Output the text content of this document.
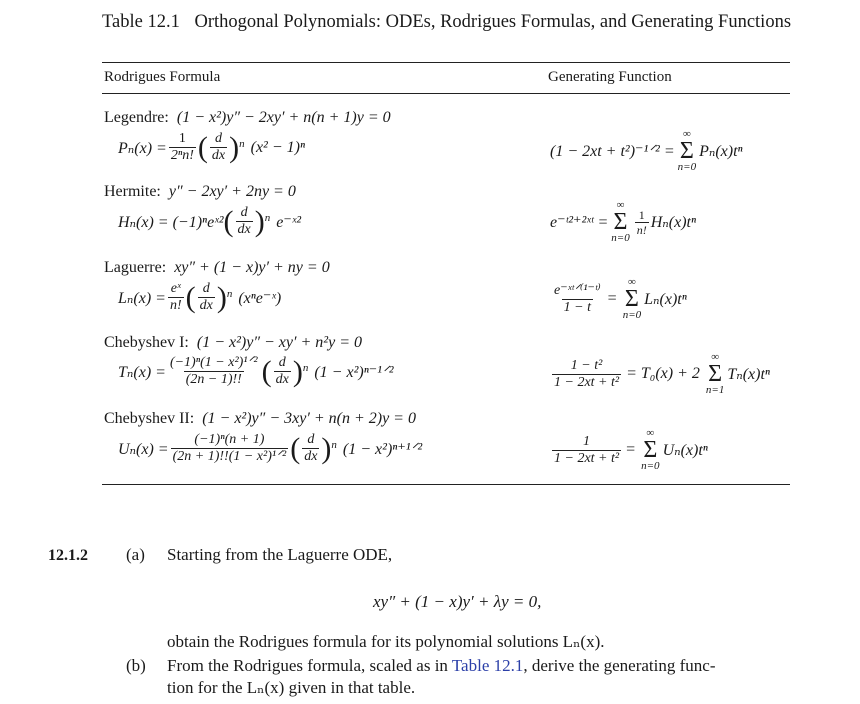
Table 12.1 Orthogonal Polynomials: ODEs, Rodrigues Formulas, and Generating Functions
Rodrigues Formula	Generating Function
Legendre: (1 − x²)y″ − 2xy′ + n(n + 1)y = 0
$P_n(x) = \frac{1}{\text{2ⁿn!}}$ ( $\frac{d}{dx}$ ) n (x² − 1)ⁿ	(1 − 2xt + t²)⁻¹ᐟ² =
∞
Σ
n=0
Pₙ(x)tⁿ
Hermite: y″ − 2xy′ + 2ny = 0
Hₙ(x) = (−1)ⁿeˣ² ( $\frac{d}{dx}$ ) n e⁻ˣ²	e⁻ᵗ²⁺²ˣᵗ =
∞
Σ
n=0
$\frac{1}{n!} H_n(x)t^n$
Laguerre: xy″ + (1 − x)y′ + ny = 0
$L_n(x) = \frac{\text{eˣ}}{n!}$ ( $\frac{d}{dx}$ ) n (xⁿe⁻ˣ)	$\frac{\text{e⁻ˣᵗᐟ⁽¹⁻ᵗ⁾}}{1 - t}$ =
∞
Σ
n=0
Lₙ(x)tⁿ
Chebyshev I: (1 − x²)y″ − xy′ + n²y = 0
$T_n(x) = \frac{\text{(−1)ⁿ(1 − x²)¹ᐟ²}}{(2n - 1)!!}$ ( $\frac{d}{dx}$ ) n (1 − x²)ⁿ⁻¹ᐟ²	$\frac{\text{1 − t²}}{\text{1 − 2xt + t²}} = T_0(x) + 2$
∞
Σ
n=1
Tₙ(x)tⁿ
Chebyshev II: (1 − x²)y″ − 3xy′ + n(n + 2)y = 0
$U_n(x) = \frac{\text{(−1)ⁿ(n + 1)}}{\text{(2n + 1)!!(1 − x²)¹ᐟ²}}$ ( $\frac{d}{dx}$ ) n (1 − x²)ⁿ⁺¹ᐟ²	$\frac{1}{\text{1 − 2xt + t²}}$ =
∞
Σ
n=0
Uₙ(x)tⁿ
12.1.2 (a) Starting from the Laguerre ODE,
xy″ + (1 − x)y′ + λy = 0,
obtain the Rodrigues formula for its polynomial solutions Lₙ(x).
(b) From the Rodrigues formula, scaled as in Table 12.1, derive the generating func-
tion for the Lₙ(x) given in that table.
